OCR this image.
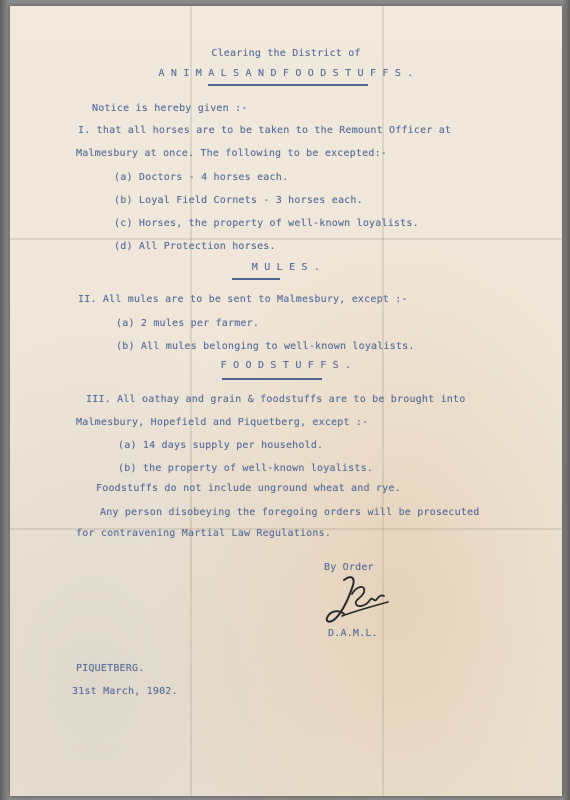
Clearing the District of
A N I M A L S A N D F O O D S T U F F S .
Notice is hereby given :-
I. that all horses are to be taken to the Remount Officer at
Malmesbury at once. The following to be excepted:-
(a) Doctors - 4 horses each.
(b) Loyal Field Cornets - 3 horses each.
(c) Horses, the property of well-known loyalists.
(d) All Protection horses.
M U L E S .
II. All mules are to be sent to Malmesbury, except :-
(a) 2 mules per farmer.
(b) All mules belonging to well-known loyalists.
F O O D S T U F F S .
III. All oathay and grain & foodstuffs are to be brought into
Malmesbury, Hopefield and Piquetberg, except :-
(a) 14 days supply per household.
(b) the property of well-known loyalists.
Foodstuffs do not include unground wheat and rye.
Any person disobeying the foregoing orders will be prosecuted
for contravening Martial Law Regulations.
By Order
D.A.M.L.
PIQUETBERG.
31st March, 1902.
